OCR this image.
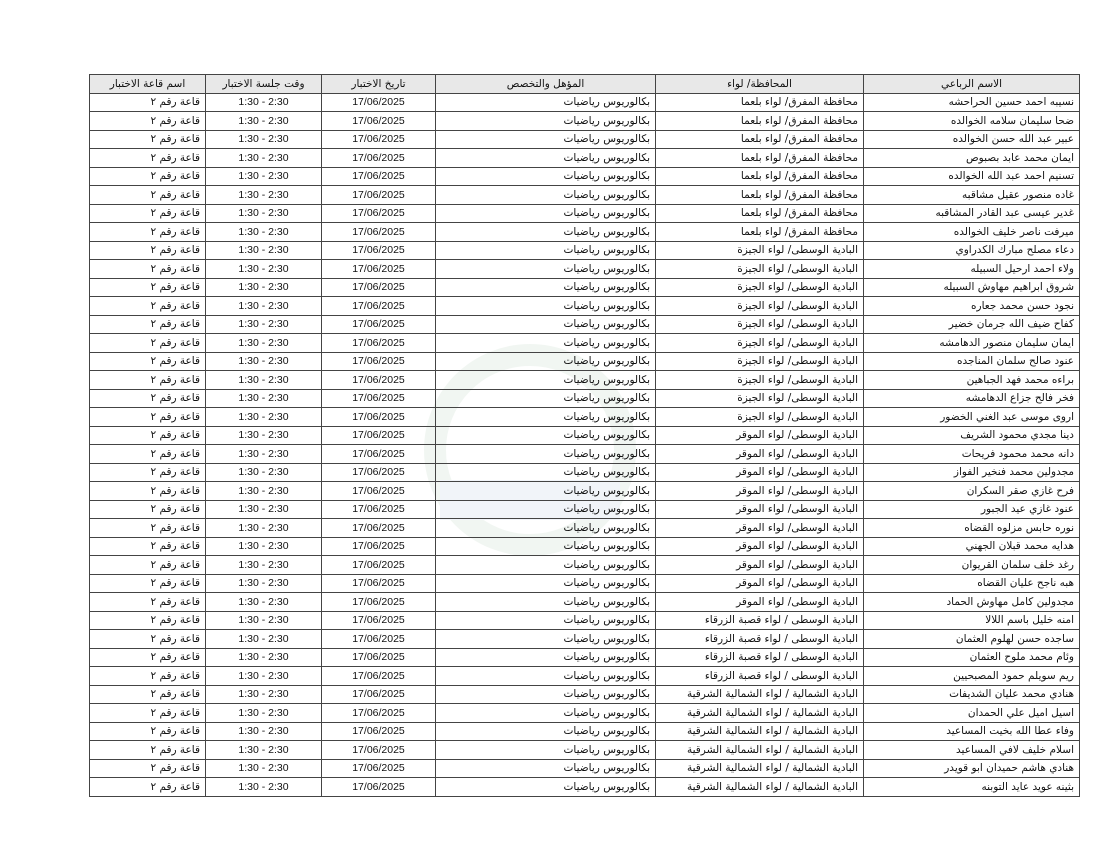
الاسم الرباعي	المحافظة/ لواء	المؤهل والتخصص	تاريخ الاختبار	وقت جلسة الاختبار	اسم قاعة الاختبار
نسيبه احمد حسين الحراحشه	محافظة المفرق/ لواء بلعما	بكالوريوس رياضيات	17/06/2025	1:30 - 2:30	قاعة رقم ٢
ضحا سليمان سلامه الخوالده	محافظة المفرق/ لواء بلعما	بكالوريوس رياضيات	17/06/2025	1:30 - 2:30	قاعة رقم ٢
عبير عبد الله حسن الخوالده	محافظة المفرق/ لواء بلعما	بكالوريوس رياضيات	17/06/2025	1:30 - 2:30	قاعة رقم ٢
ايمان محمد عابد بصبوص	محافظة المفرق/ لواء بلعما	بكالوريوس رياضيات	17/06/2025	1:30 - 2:30	قاعة رقم ٢
تسنيم احمد عبد الله الخوالده	محافظة المفرق/ لواء بلعما	بكالوريوس رياضيات	17/06/2025	1:30 - 2:30	قاعة رقم ٢
غاده منصور عقيل مشاقبه	محافظة المفرق/ لواء بلعما	بكالوريوس رياضيات	17/06/2025	1:30 - 2:30	قاعة رقم ٢
غدير عيسى عبد القادر المشاقبه	محافظة المفرق/ لواء بلعما	بكالوريوس رياضيات	17/06/2025	1:30 - 2:30	قاعة رقم ٢
ميرفت ناصر خليف الخوالده	محافظة المفرق/ لواء بلعما	بكالوريوس رياضيات	17/06/2025	1:30 - 2:30	قاعة رقم ٢
دعاء مصلح مبارك الكدراوي	البادية الوسطى/ لواء الجيزة	بكالوريوس رياضيات	17/06/2025	1:30 - 2:30	قاعة رقم ٢
ولاء احمد ارحيل السبيله	البادية الوسطى/ لواء الجيزة	بكالوريوس رياضيات	17/06/2025	1:30 - 2:30	قاعة رقم ٢
شروق ابراهيم مهاوش السبيله	البادية الوسطى/ لواء الجيزة	بكالوريوس رياضيات	17/06/2025	1:30 - 2:30	قاعة رقم ٢
نجود حسن محمد جعاره	البادية الوسطى/ لواء الجيزة	بكالوريوس رياضيات	17/06/2025	1:30 - 2:30	قاعة رقم ٢
كفاح ضيف الله جرمان خضير	البادية الوسطى/ لواء الجيزة	بكالوريوس رياضيات	17/06/2025	1:30 - 2:30	قاعة رقم ٢
ايمان سليمان منصور الدهامشه	البادية الوسطى/ لواء الجيزة	بكالوريوس رياضيات	17/06/2025	1:30 - 2:30	قاعة رقم ٢
عنود صالح سلمان المناجده	البادية الوسطى/ لواء الجيزة	بكالوريوس رياضيات	17/06/2025	1:30 - 2:30	قاعة رقم ٢
براءه محمد فهد الجباهين	البادية الوسطى/ لواء الجيزة	بكالوريوس رياضيات	17/06/2025	1:30 - 2:30	قاعة رقم ٢
فخر فالح جزاع الدهامشه	البادية الوسطى/ لواء الجيزة	بكالوريوس رياضيات	17/06/2025	1:30 - 2:30	قاعة رقم ٢
اروى موسى عبد الغني الخضور	البادية الوسطى/ لواء الجيزة	بكالوريوس رياضيات	17/06/2025	1:30 - 2:30	قاعة رقم ٢
دينا مجدي محمود الشريف	البادية الوسطى/ لواء الموقر	بكالوريوس رياضيات	17/06/2025	1:30 - 2:30	قاعة رقم ٢
دانه محمد محمود فريحات	البادية الوسطى/ لواء الموقر	بكالوريوس رياضيات	17/06/2025	1:30 - 2:30	قاعة رقم ٢
مجدولين محمد فنخير الفواز	البادية الوسطى/ لواء الموقر	بكالوريوس رياضيات	17/06/2025	1:30 - 2:30	قاعة رقم ٢
فرح غازي صقر السكران	البادية الوسطى/ لواء الموقر	بكالوريوس رياضيات	17/06/2025	1:30 - 2:30	قاعة رقم ٢
عنود غازي عيد الجبور	البادية الوسطى/ لواء الموقر	بكالوريوس رياضيات	17/06/2025	1:30 - 2:30	قاعة رقم ٢
نوره حابس مزلوه القضاه	البادية الوسطى/ لواء الموقر	بكالوريوس رياضيات	17/06/2025	1:30 - 2:30	قاعة رقم ٢
هدايه محمد قبلان الجهني	البادية الوسطى/ لواء الموقر	بكالوريوس رياضيات	17/06/2025	1:30 - 2:30	قاعة رقم ٢
رغد خلف سلمان القريوان	البادية الوسطى/ لواء الموقر	بكالوريوس رياضيات	17/06/2025	1:30 - 2:30	قاعة رقم ٢
هبه ناجح عليان القضاه	البادية الوسطى/ لواء الموقر	بكالوريوس رياضيات	17/06/2025	1:30 - 2:30	قاعة رقم ٢
مجدولين كامل مهاوش الحماد	البادية الوسطى/ لواء الموقر	بكالوريوس رياضيات	17/06/2025	1:30 - 2:30	قاعة رقم ٢
امنه خليل باسم اللالا	البادية الوسطى / لواء قصبة الزرقاء	بكالوريوس رياضيات	17/06/2025	1:30 - 2:30	قاعة رقم ٢
ساجده حسن لهلوم العثمان	البادية الوسطى / لواء قصبة الزرقاء	بكالوريوس رياضيات	17/06/2025	1:30 - 2:30	قاعة رقم ٢
وئام محمد ملوح العثمان	البادية الوسطى / لواء قصبة الزرقاء	بكالوريوس رياضيات	17/06/2025	1:30 - 2:30	قاعة رقم ٢
ريم سويلم حمود المصبحيين	البادية الوسطى / لواء قصبة الزرقاء	بكالوريوس رياضيات	17/06/2025	1:30 - 2:30	قاعة رقم ٢
هنادي محمد عليان الشديفات	البادية الشمالية / لواء الشمالية الشرقية	بكالوريوس رياضيات	17/06/2025	1:30 - 2:30	قاعة رقم ٢
اسيل اميل علي الحمدان	البادية الشمالية / لواء الشمالية الشرقية	بكالوريوس رياضيات	17/06/2025	1:30 - 2:30	قاعة رقم ٢
وفاء عطا الله بخيت المساعيد	البادية الشمالية / لواء الشمالية الشرقية	بكالوريوس رياضيات	17/06/2025	1:30 - 2:30	قاعة رقم ٢
اسلام خليف لافي المساعيد	البادية الشمالية / لواء الشمالية الشرقية	بكالوريوس رياضيات	17/06/2025	1:30 - 2:30	قاعة رقم ٢
هنادي هاشم حميدان ابو قويدر	البادية الشمالية / لواء الشمالية الشرقية	بكالوريوس رياضيات	17/06/2025	1:30 - 2:30	قاعة رقم ٢
بثينه عويد عايد التوبنه	البادية الشمالية / لواء الشمالية الشرقية	بكالوريوس رياضيات	17/06/2025	1:30 - 2:30	قاعة رقم ٢
